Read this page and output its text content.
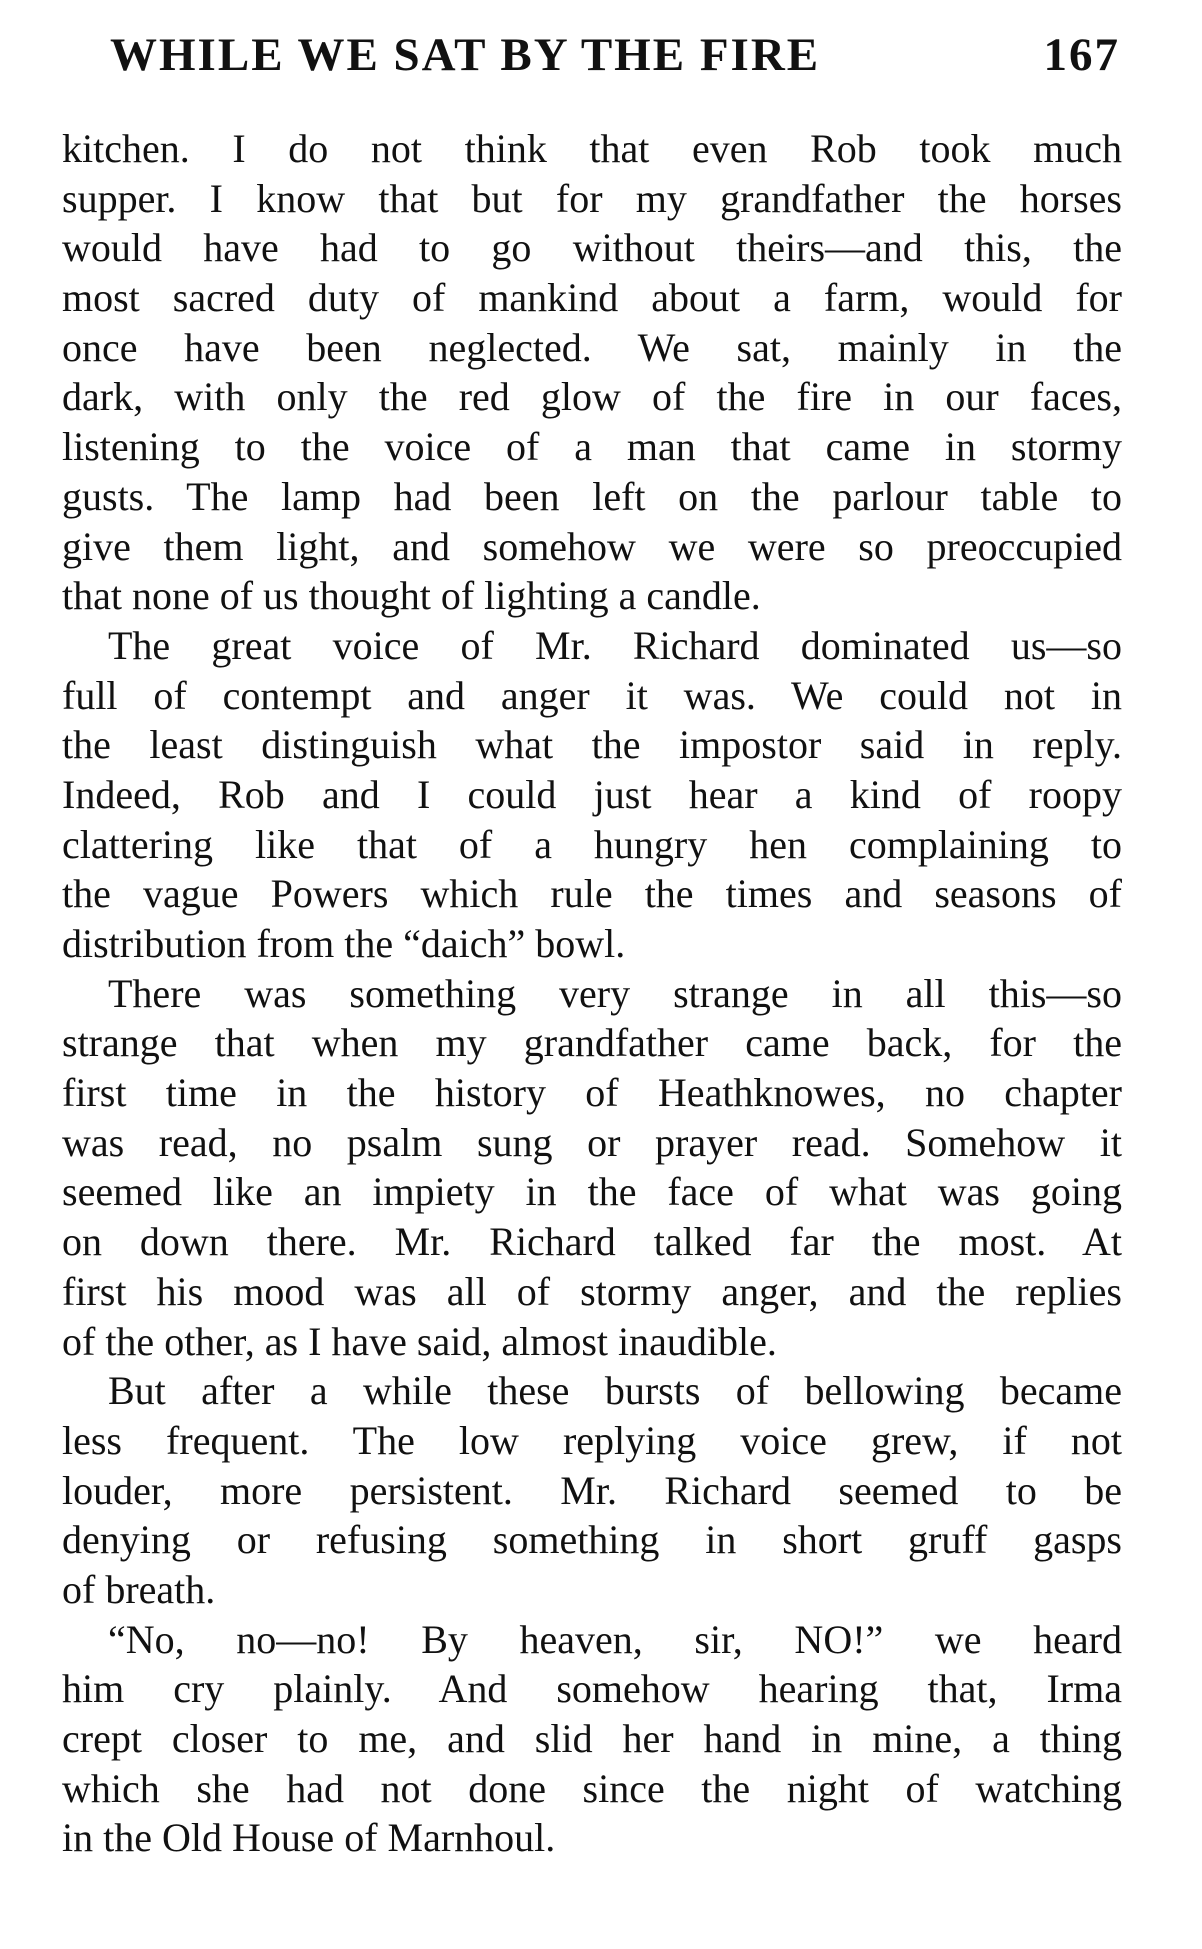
WHILE WE SAT BY THE FIRE	167
kitchen. I do not think that even Rob took much
supper. I know that but for my grandfather the horses
would have had to go without theirs—and this, the
most sacred duty of mankind about a farm, would for
once have been neglected. We sat, mainly in the
dark, with only the red glow of the fire in our faces,
listening to the voice of a man that came in stormy
gusts. The lamp had been left on the parlour table to
give them light, and somehow we were so preoccupied
that none of us thought of lighting a candle.
The great voice of Mr. Richard dominated us—so
full of contempt and anger it was. We could not in
the least distinguish what the impostor said in reply.
Indeed, Rob and I could just hear a kind of roopy
clattering like that of a hungry hen complaining to
the vague Powers which rule the times and seasons of
distribution from the “daich” bowl.
There was something very strange in all this—so
strange that when my grandfather came back, for the
first time in the history of Heathknowes, no chapter
was read, no psalm sung or prayer read. Somehow it
seemed like an impiety in the face of what was going
on down there. Mr. Richard talked far the most. At
first his mood was all of stormy anger, and the replies
of the other, as I have said, almost inaudible.
But after a while these bursts of bellowing became
less frequent. The low replying voice grew, if not
louder, more persistent. Mr. Richard seemed to be
denying or refusing something in short gruff gasps
of breath.
“No, no—no! By heaven, sir, NO!” we heard
him cry plainly. And somehow hearing that, Irma
crept closer to me, and slid her hand in mine, a thing
which she had not done since the night of watching
in the Old House of Marnhoul.
